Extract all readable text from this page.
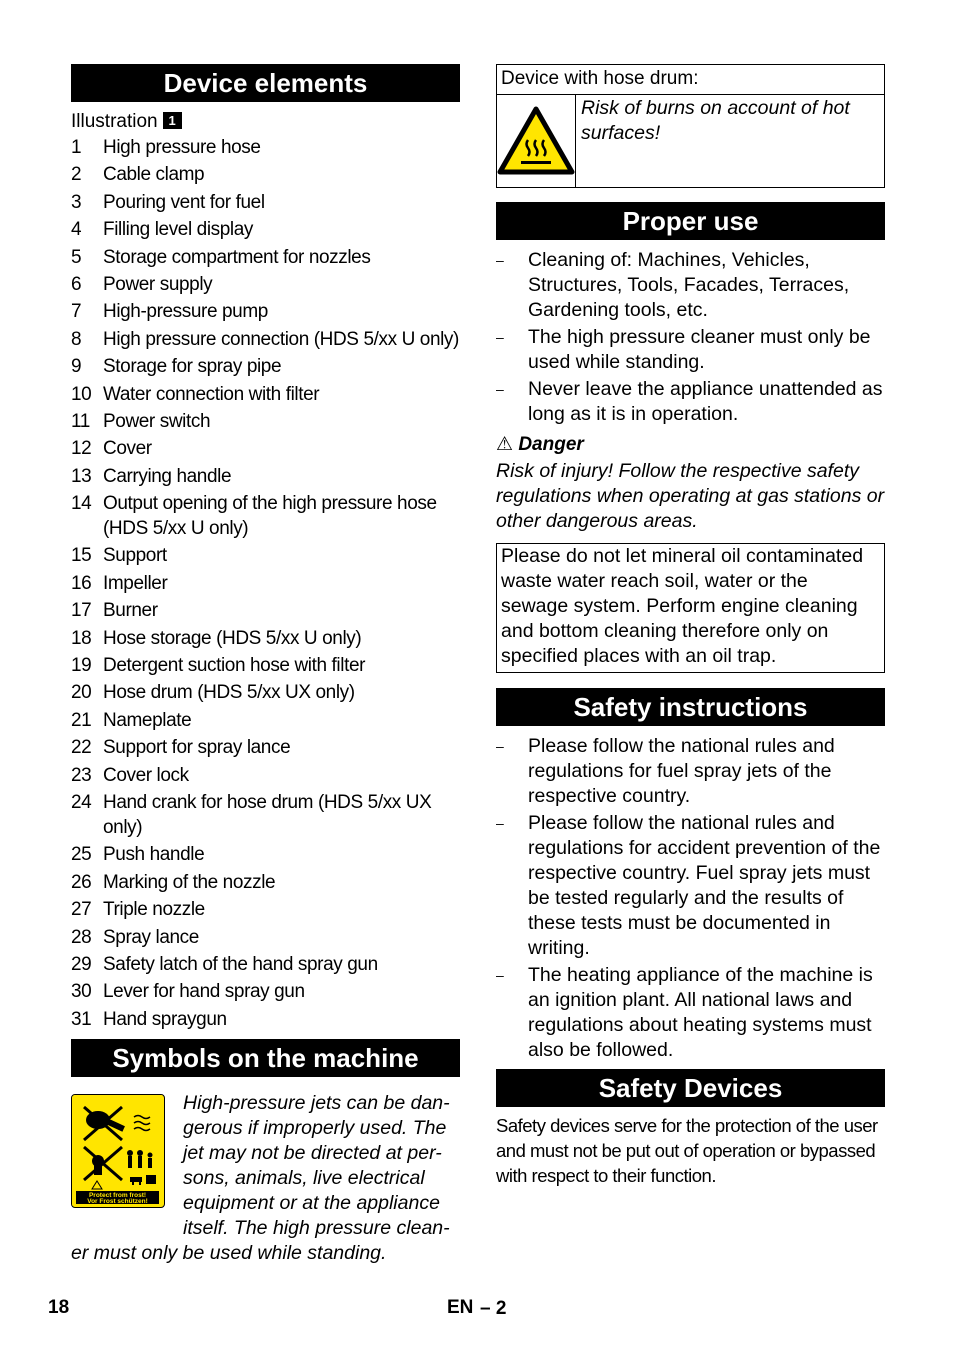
Device elements
Illustration 1
1	High pressure hose
2	Cable clamp
3	Pouring vent for fuel
4	Filling level display
5	Storage compartment for nozzles
6	Power supply
7	High-pressure pump
8	High pressure connection (HDS 5/xx U only)
9	Storage for spray pipe
10 Water connection with filter
11 Power switch
12 Cover
13 Carrying handle
14 Output opening of the high pressure hose (HDS 5/xx U only)
15 Support
16 Impeller
17 Burner
18 Hose storage (HDS 5/xx U only)
19 Detergent suction hose with filter
20 Hose drum (HDS 5/xx UX only)
21 Nameplate
22 Support for spray lance
23 Cover lock
24 Hand crank for hose drum (HDS 5/xx UX only)
25 Push handle
26 Marking of the nozzle
27 Triple nozzle
28 Spray lance
29 Safety latch of the hand spray gun
30 Lever for hand spray gun
31 Hand spraygun
Symbols on the machine
Protect from frost!
Vor Frost schützen!
High-pressure jets can be dan-
gerous if improperly used. The
jet may not be directed at per-
sons, animals, live electrical
equipment or at the appliance
itself. The high pressure clean-
er must only be used while standing.
Device with hose drum:
Risk of burns on account of hot surfaces!
Proper use
–	Cleaning of: Machines, Vehicles, Structures, Tools, Facades, Terraces, Gardening tools, etc.
–	The high pressure cleaner must only be used while standing.
–	Never leave the appliance unattended as long as it is in operation.
⚠ Danger
Risk of injury! Follow the respective safety regulations when operating at gas stations or other dangerous areas.
Please do not let mineral oil contaminated waste water reach soil, water or the sewage system. Perform engine cleaning and bottom cleaning therefore only on specified places with an oil trap.
Safety instructions
–	Please follow the national rules and regulations for fuel spray jets of the respective country.
–	Please follow the national rules and regulations for accident prevention of the respective country. Fuel spray jets must be tested regularly and the results of these tests must be documented in writing.
–	The heating appliance of the machine is an ignition plant. All national laws and regulations about heating systems must also be followed.
Safety Devices
Safety devices serve for the protection of the user and must not be put out of operation or bypassed with respect to their function.
18	EN – 2
